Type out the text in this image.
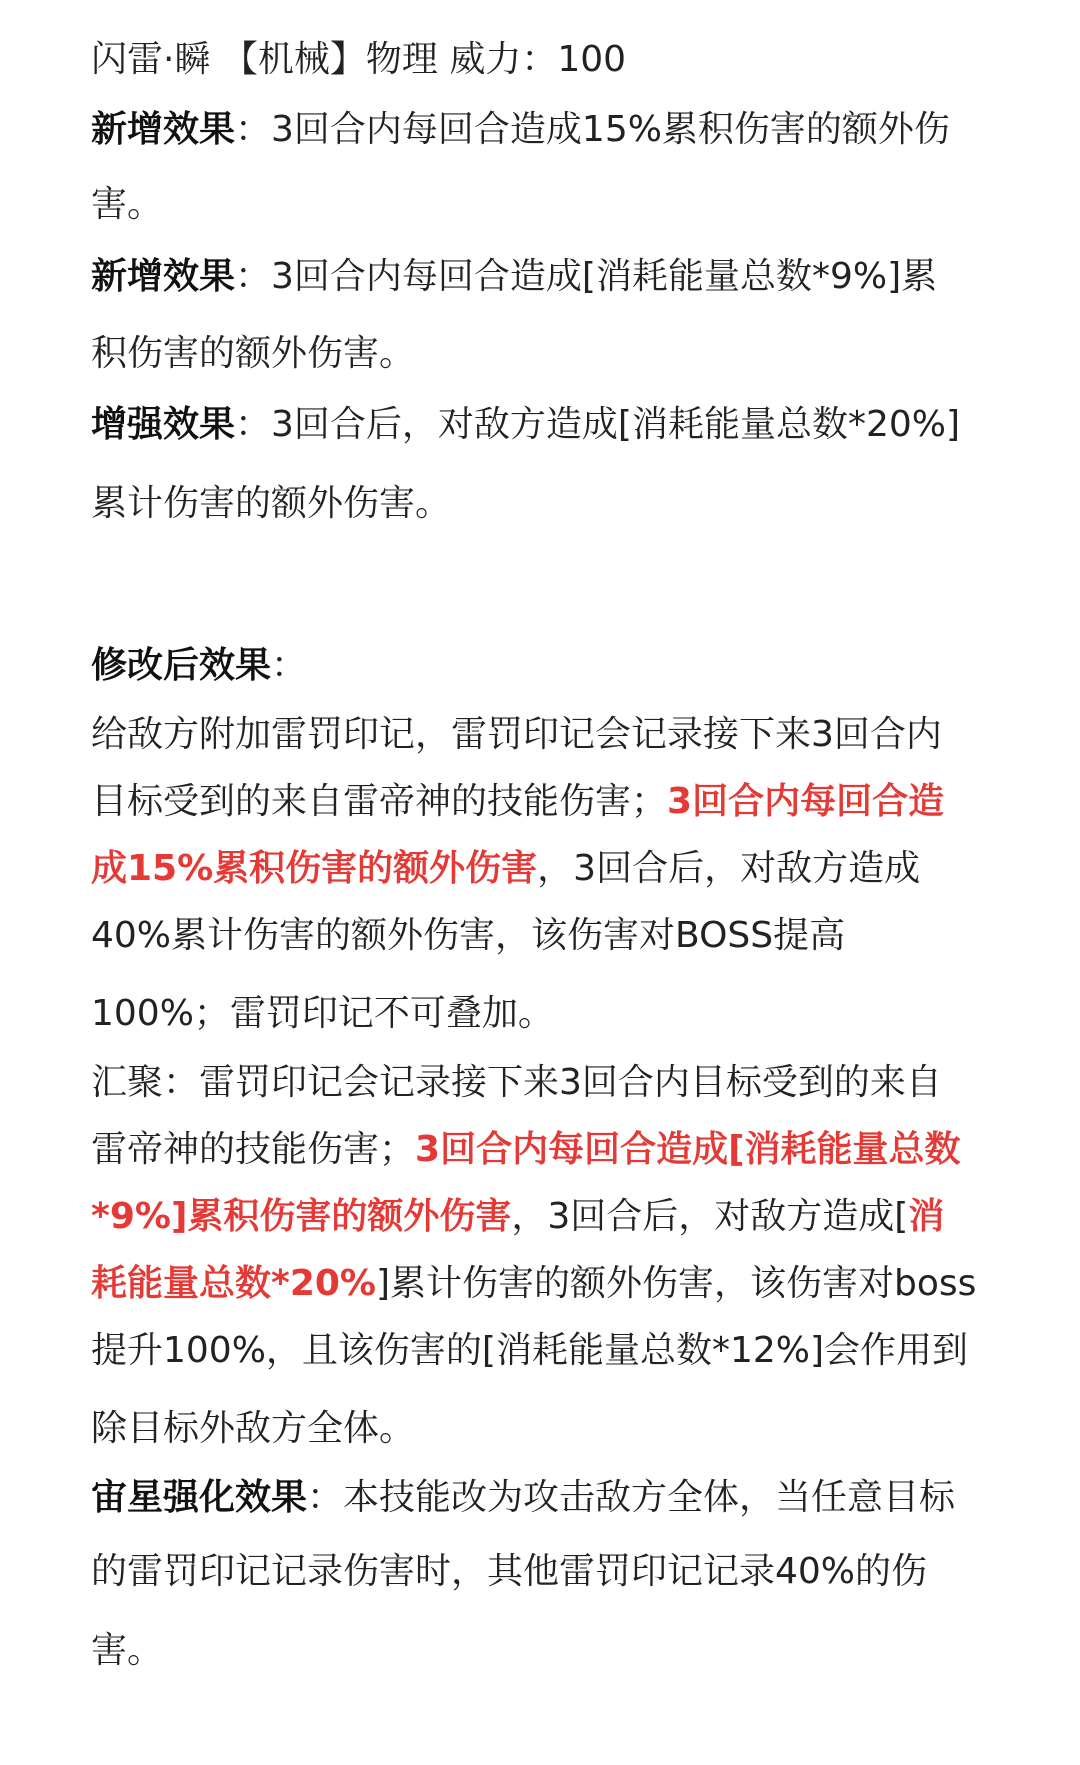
闪雷·瞬 【机械】物理 威力：100

新增效果：3回合内每回合造成15%累积伤害的额外伤

害。

新增效果：3回合内每回合造成[消耗能量总数*9%]累

积伤害的额外伤害。

增强效果：3回合后，对敌方造成[消耗能量总数*20%]

累计伤害的额外伤害。

修改后效果：

给敌方附加雷罚印记，雷罚印记会记录接下来3回合内

目标受到的来自雷帝神的技能伤害；3回合内每回合造

成15%累积伤害的额外伤害，3回合后，对敌方造成

40%累计伤害的额外伤害，该伤害对BOSS提高

100%；雷罚印记不可叠加。

汇聚：雷罚印记会记录接下来3回合内目标受到的来自

雷帝神的技能伤害；3回合内每回合造成[消耗能量总数

*9%]累积伤害的额外伤害，3回合后，对敌方造成[消

耗能量总数*20%]累计伤害的额外伤害，该伤害对boss

提升100%，且该伤害的[消耗能量总数*12%]会作用到

除目标外敌方全体。

宙星强化效果：本技能改为攻击敌方全体，当任意目标

的雷罚印记记录伤害时，其他雷罚印记记录40%的伤

害。
